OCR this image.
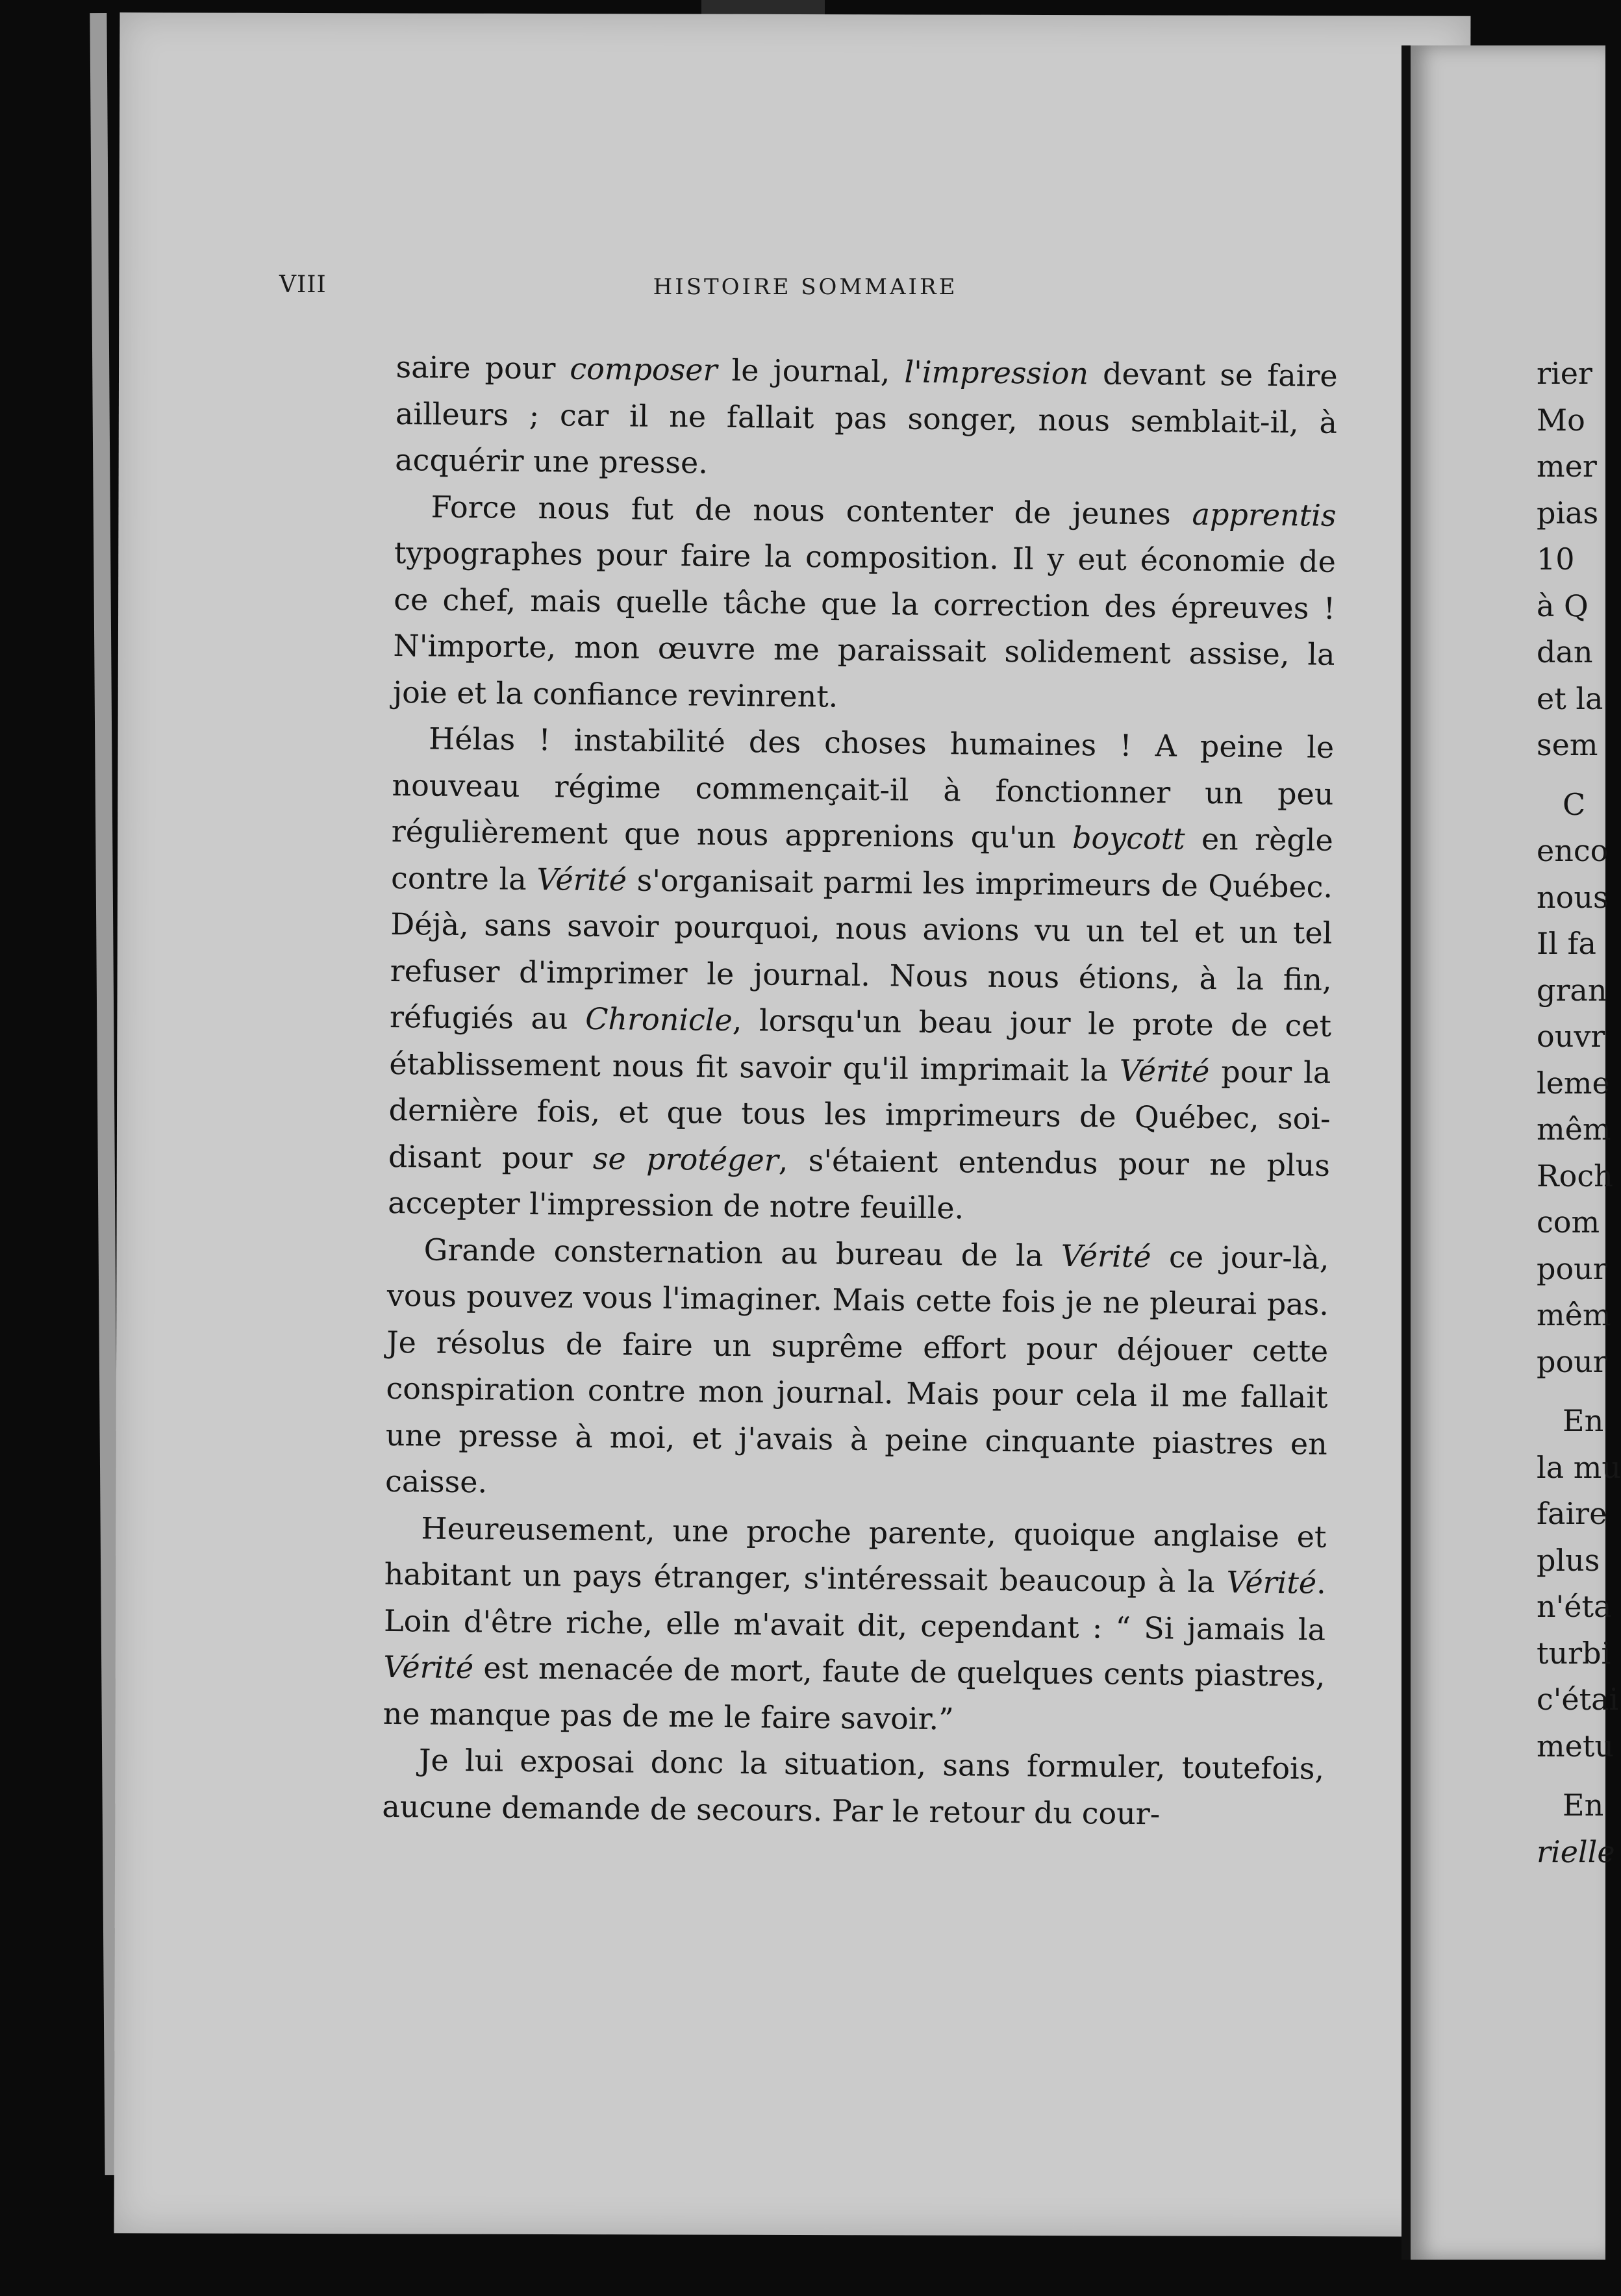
VIII	HISTOIRE SOMMAIRE

saire pour composer le journal, l'impression devant se faire ailleurs ; car il ne fallait pas songer, nous semblait-il, à acquérir une presse.

Force nous fut de nous contenter de jeunes apprentis typographes pour faire la composition. Il y eut économie de ce chef, mais quelle tâche que la correction des épreuves ! N'importe, mon œuvre me paraissait solidement assise, la joie et la confiance revinrent.

Hélas ! instabilité des choses humaines ! A peine le nouveau régime commençait-il à fonctionner un peu régulièrement que nous apprenions qu'un boycott en règle contre la Vérité s'organisait parmi les imprimeurs de Québec. Déjà, sans savoir pourquoi, nous avions vu un tel et un tel refuser d'imprimer le journal. Nous nous étions, à la fin, réfugiés au Chronicle, lorsqu'un beau jour le prote de cet établissement nous fit savoir qu'il imprimait la Vérité pour la dernière fois, et que tous les imprimeurs de Québec, soi-disant pour se protéger, s'étaient entendus pour ne plus accepter l'impression de notre feuille.

Grande consternation au bureau de la Vérité ce jour-là, vous pouvez vous l'imaginer. Mais cette fois je ne pleurai pas. Je résolus de faire un suprême effort pour déjouer cette conspiration contre mon journal. Mais pour cela il me fallait une presse à moi, et j'avais à peine cinquante piastres en caisse.

Heureusement, une proche parente, quoique anglaise et habitant un pays étranger, s'intéressait beaucoup à la Vérité. Loin d'être riche, elle m'avait dit, cependant : “ Si jamais la Vérité est menacée de mort, faute de quelques cents piastres, ne manque pas de me le faire savoir.”

Je lui exposai donc la situation, sans formuler, toutefois, aucune demande de secours. Par le retour du cour-

rier
Mo
mer
pias
10
à Q
dan
et la
sem
C
enco
nous
Il fa
gran
ouvr
leme
mêm
Roch
com
pour
mêm
pour
En
la mu
faire
plus
n'éta
turbi
c'étai
metu
En
rielle
